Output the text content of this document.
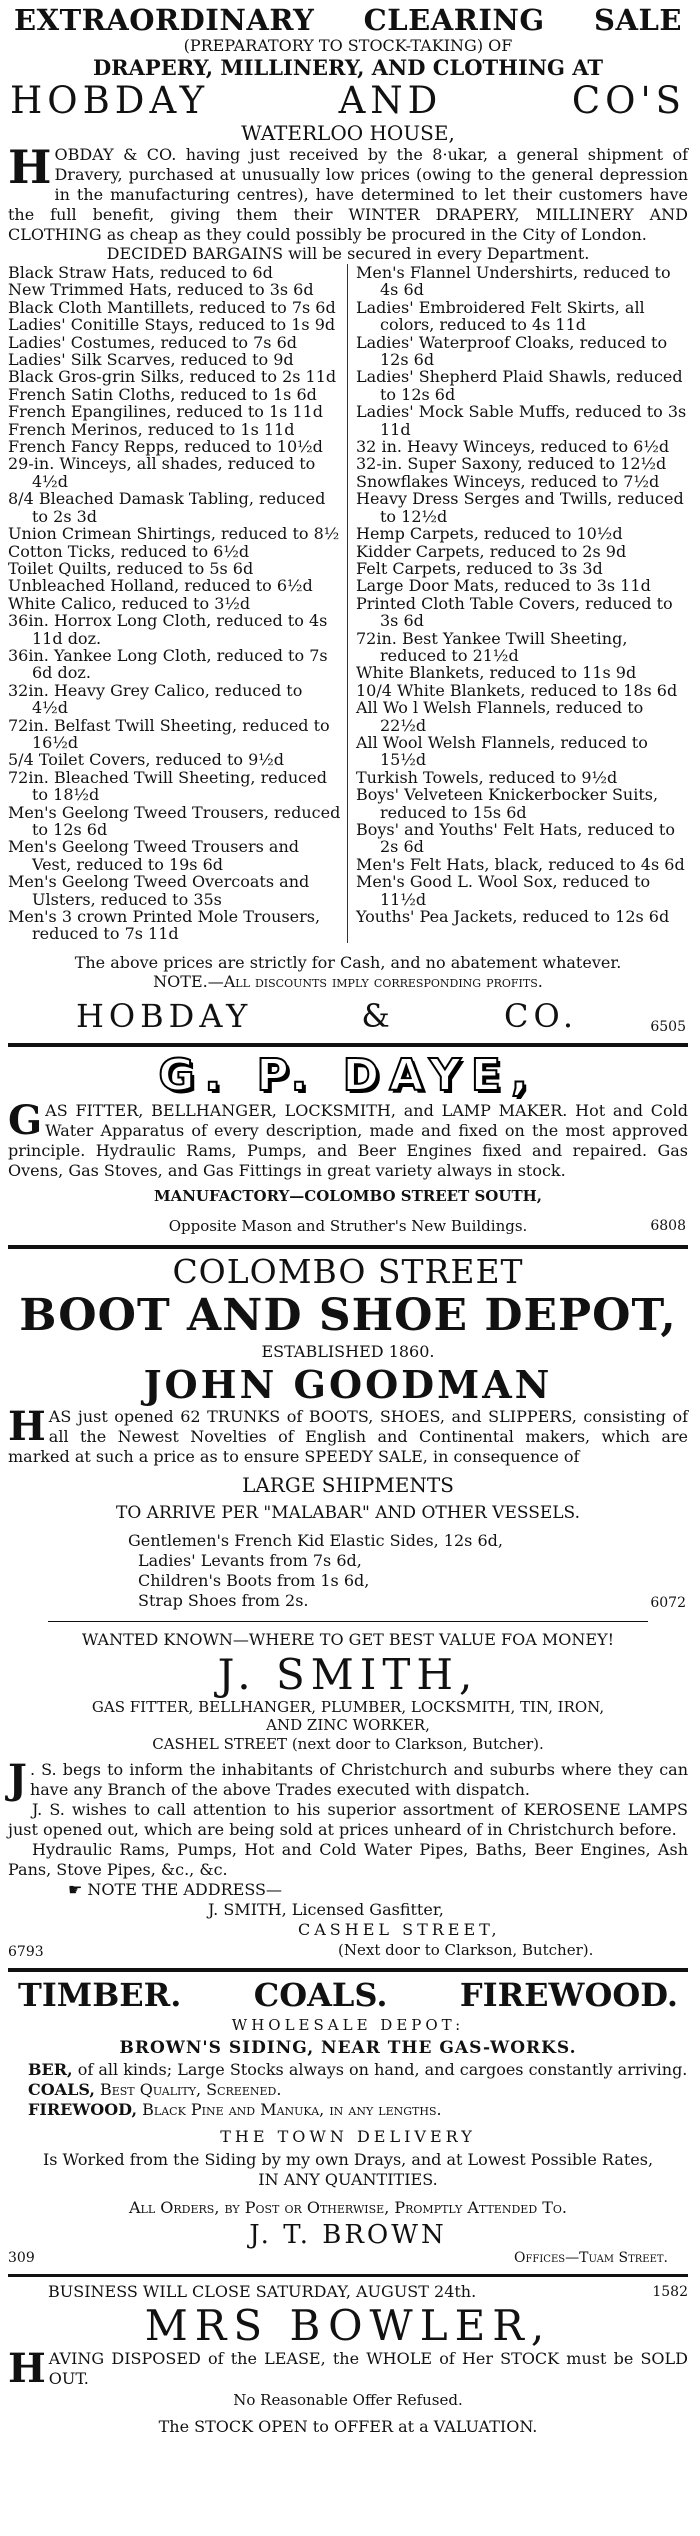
EXTRAORDINARY CLEARING SALE
(PREPARATORY TO STOCK-TAKING) OF
DRAPERY, MILLINERY, AND CLOTHING AT
HOBDAY	AND	CO'S
WATERLOO HOUSE,
HOBDAY & CO. having just received by the 8·ukar, a general shipment of Dravery, purchased at unusually low prices (owing to the general depression in the manufacturing centres), have determined to let their customers have the full benefit, giving them their WINTER DRAPERY, MILLINERY AND CLOTHING as cheap as they could possibly be procured in the City of London.
DECIDED BARGAINS will be secured in every Department.
Black Straw Hats, reduced to 6d
New Trimmed Hats, reduced to 3s 6d
Black Cloth Mantillets, reduced to 7s 6d
Ladies' Conitille Stays, reduced to 1s 9d
Ladies' Costumes, reduced to 7s 6d
Ladies' Silk Scarves, reduced to 9d
Black Gros-grin Silks, reduced to 2s 11d
French Satin Cloths, reduced to 1s 6d
French Epangilines, reduced to 1s 11d
French Merinos, reduced to 1s 11d
French Fancy Repps, reduced to 10½d
29-in. Winceys, all shades, reduced to 4½d
8/4 Bleached Damask Tabling, reduced to 2s 3d
Union Crimean Shirtings, reduced to 8½
Cotton Ticks, reduced to 6½d
Toilet Quilts, reduced to 5s 6d
Unbleached Holland, reduced to 6½d
White Calico, reduced to 3½d
36in. Horrox Long Cloth, reduced to 4s 11d doz.
36in. Yankee Long Cloth, reduced to 7s 6d doz.
32in. Heavy Grey Calico, reduced to 4½d
72in. Belfast Twill Sheeting, reduced to 16½d
5/4 Toilet Covers, reduced to 9½d
72in. Bleached Twill Sheeting, reduced to 18½d
Men's Geelong Tweed Trousers, reduced to 12s 6d
Men's Geelong Tweed Trousers and Vest, reduced to 19s 6d
Men's Geelong Tweed Overcoats and Ulsters, reduced to 35s
Men's 3 crown Printed Mole Trousers, reduced to 7s 11d
Men's Flannel Undershirts, reduced to 4s 6d
Ladies' Embroidered Felt Skirts, all colors, reduced to 4s 11d
Ladies' Waterproof Cloaks, reduced to 12s 6d
Ladies' Shepherd Plaid Shawls, reduced to 12s 6d
Ladies' Mock Sable Muffs, reduced to 3s 11d
32 in. Heavy Winceys, reduced to 6½d
32-in. Super Saxony, reduced to 12½d
Snowflakes Winceys, reduced to 7½d
Heavy Dress Serges and Twills, reduced to 12½d
Hemp Carpets, reduced to 10½d
Kidder Carpets, reduced to 2s 9d
Felt Carpets, reduced to 3s 3d
Large Door Mats, reduced to 3s 11d
Printed Cloth Table Covers, reduced to 3s 6d
72in. Best Yankee Twill Sheeting, reduced to 21½d
White Blankets, reduced to 11s 9d
10/4 White Blankets, reduced to 18s 6d
All Wo l Welsh Flannels, reduced to 22½d
All Wool Welsh Flannels, reduced to 15½d
Turkish Towels, reduced to 9½d
Boys' Velveteen Knickerbocker Suits, reduced to 15s 6d
Boys' and Youths' Felt Hats, reduced to 2s 6d
Men's Felt Hats, black, reduced to 4s 6d
Men's Good L. Wool Sox, reduced to 11½d
Youths' Pea Jackets, reduced to 12s 6d
The above prices are strictly for Cash, and no abatement whatever.
NOTE.—All discounts imply corresponding profits.
HOBDAY	&	CO.	6505
G. P. DAYE,
GAS FITTER, BELLHANGER, LOCKSMITH, and LAMP MAKER. Hot and Cold Water Apparatus of every description, made and fixed on the most approved principle. Hydraulic Rams, Pumps, and Beer Engines fixed and repaired. Gas Ovens, Gas Stoves, and Gas Fittings in great variety always in stock.
MANUFACTORY—COLOMBO STREET SOUTH,
Opposite Mason and Struther's New Buildings.	6808
COLOMBO STREET
BOOT AND SHOE DEPOT,
ESTABLISHED 1860.
JOHN GOODMAN
HAS just opened 62 TRUNKS of BOOTS, SHOES, and SLIPPERS, consisting of all the Newest Novelties of English and Continental makers, which are marked at such a price as to ensure SPEEDY SALE, in consequence of
LARGE SHIPMENTS
TO ARRIVE PER "MALABAR" AND OTHER VESSELS.
Gentlemen's French Kid Elastic Sides, 12s 6d,
Ladies' Levants from 7s 6d,
Children's Boots from 1s 6d,
Strap Shoes from 2s.	6072
WANTED KNOWN—WHERE TO GET BEST VALUE FOA MONEY!
J. SMITH,
GAS FITTER, BELLHANGER, PLUMBER, LOCKSMITH, TIN, IRON,
AND ZINC WORKER,
CASHEL STREET (next door to Clarkson, Butcher).
J . S. begs to inform the inhabitants of Christchurch and suburbs where they can have any Branch of the above Trades executed with dispatch.
J. S. wishes to call attention to his superior assortment of KEROSENE LAMPS just opened out, which are being sold at prices unheard of in Christchurch before.
Hydraulic Rams, Pumps, Hot and Cold Water Pipes, Baths, Beer Engines, Ash Pans, Stove Pipes, &c., &c.
☛ NOTE THE ADDRESS—
J. SMITH, Licensed Gasfitter,
CASHEL STREET,
(Next door to Clarkson, Butcher).
6793
TIMBER. COALS. FIREWOOD.
WHOLESALE DEPOT:
BROWN'S SIDING, NEAR THE GAS-WORKS.
BER, of all kinds; Large Stocks always on hand, and cargoes constantly arriving.
COALS, Best Quality, Screened.
FIREWOOD, Black Pine and Manuka, in any lengths.
THE TOWN DELIVERY
Is Worked from the Siding by my own Drays, and at Lowest Possible Rates,
IN ANY QUANTITIES.
All Orders, by Post or Otherwise, Promptly Attended To.
J. T. BROWN
309	Offices—Tuam Street.
BUSINESS WILL CLOSE SATURDAY, AUGUST 24th.	1582
MRS BOWLER,
HAVING DISPOSED of the LEASE, the WHOLE of Her STOCK must be SOLD OUT.
No Reasonable Offer Refused.
The STOCK OPEN to OFFER at a VALUATION.
